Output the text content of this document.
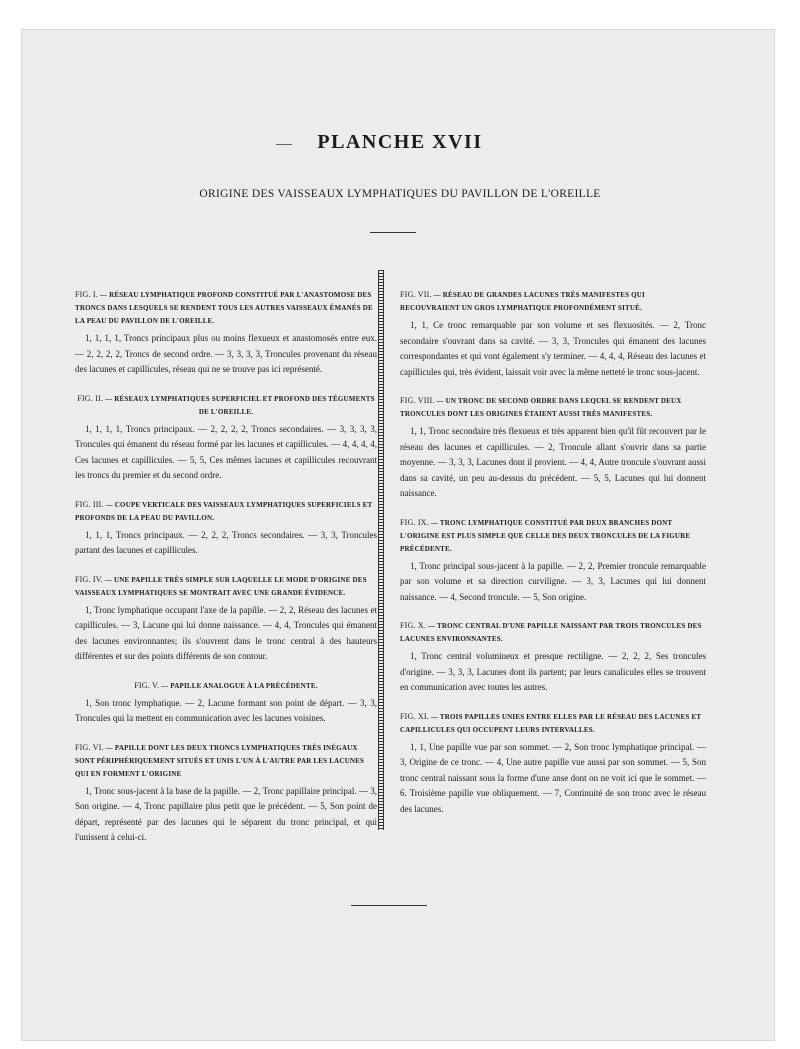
PLANCHE XVII
ORIGINE DES VAISSEAUX LYMPHATIQUES DU PAVILLON DE L'OREILLE
FIG. I. — RÉSEAU LYMPHATIQUE PROFOND CONSTITUÉ PAR L'ANASTOMOSE DES TRONCS DANS LESQUELS SE RENDENT TOUS LES AUTRES VAISSEAUX ÉMANÉS DE LA PEAU DU PAVILLON DE L'OREILLE.
1, 1, 1, 1, Troncs principaux plus ou moins flexueux et anastomosés entre eux. — 2, 2, 2, 2, Troncs de second ordre. — 3, 3, 3, 3, Troncules provenant du réseau des lacunes et capillicules, réseau qui ne se trouve pas ici représenté.
FIG. II. — RÉSEAUX LYMPHATIQUES SUPERFICIEL ET PROFOND DES TÉGUMENTS DE L'OREILLE.
1, 1, 1, 1, Troncs principaux. — 2, 2, 2, 2, Troncs secondaires. — 3, 3, 3, 3, Troncules qui émanent du réseau formé par les lacunes et capillicules. — 4, 4, 4, 4, Ces lacunes et capillicules. — 5, 5, Ces mêmes lacunes et capillicules recouvrant les troncs du premier et du second ordre.
FIG. III. — COUPE VERTICALE DES VAISSEAUX LYMPHATIQUES SUPERFICIELS ET PROFONDS DE LA PEAU DU PAVILLON.
1, 1, 1, Troncs principaux. — 2, 2, 2, Troncs secondaires. — 3, 3, Troncules partant des lacunes et capillicules.
FIG. IV. — UNE PAPILLE TRÈS SIMPLE SUR LAQUELLE LE MODE D'ORIGINE DES VAISSEAUX LYMPHATIQUES SE MONTRAIT AVEC UNE GRANDE ÉVIDENCE.
1, Tronc lymphatique occupant l'axe de la papille. — 2, 2, Réseau des lacunes et capillicules. — 3, Lacune qui lui donne naissance. — 4, 4, Troncules qui émanent des lacunes environnantes; ils s'ouvrent dans le tronc central à des hauteurs différentes et sur des points différents de son contour.
FIG. V. — PAPILLE ANALOGUE À LA PRÉCÉDENTE.
1, Son tronc lymphatique. — 2, Lacune formant son point de départ. — 3, 3, Troncules qui la mettent en communication avec les lacunes voisines.
FIG. VI. — PAPILLE DONT LES DEUX TRONCS LYMPHATIQUES TRÈS INÉGAUX SONT PÉRIPHÉRIQUEMENT SITUÉS ET UNIS L'UN À L'AUTRE PAR LES LACUNES QUI EN FORMENT L'ORIGINE
1, Tronc sous-jacent à la base de la papille. — 2, Tronc papillaire principal. — 3, Son origine. — 4, Tronc papillaire plus petit que le précédent. — 5, Son point de départ, représenté par des lacunes qui le séparent du tronc principal, et qui l'unissent à celui-ci.
FIG. VII. — RÉSEAU DE GRANDES LACUNES TRÈS MANIFESTES QUI RECOUVRAIENT UN GROS LYMPHATIQUE PROFONDÉMENT SITUÉ.
1, 1, Ce tronc remarquable par son volume et ses flexuosités. — 2, Tronc secondaire s'ouvrant dans sa cavité. — 3, 3, Troncules qui émanent des lacunes correspondantes et qui vont également s'y terminer. — 4, 4, 4, Réseau des lacunes et capillicules qui, très évident, laissait voir avec la même netteté le tronc sous-jacent.
FIG. VIII. — UN TRONC DE SECOND ORDRE DANS LEQUEL SE RENDENT DEUX TRONCULES DONT LES ORIGINES ÉTAIENT AUSSI TRÈS MANIFESTES.
1, 1, Tronc secondaire très flexueux et très apparent bien qu'il fût recouvert par le réseau des lacunes et capillicules. — 2, Troncule allant s'ouvrir dans sa partie moyenne. — 3, 3, 3, Lacunes dont il provient. — 4, 4, Autre troncule s'ouvrant aussi dans sa cavité, un peu au-dessus du précédent. — 5, 5, Lacunes qui lui donnent naissance.
FIG. IX. — TRONC LYMPHATIQUE CONSTITUÉ PAR DEUX BRANCHES DONT L'ORIGINE EST PLUS SIMPLE QUE CELLE DES DEUX TRONCULES DE LA FIGURE PRÉCÉDENTE.
1, Tronc principal sous-jacent à la papille. — 2, 2, Premier troncule remarquable par son volume et sa direction curviligne. — 3, 3, Lacunes qui lui donnent naissance. — 4, Second troncule. — 5, Son origine.
FIG. X. — TRONC CENTRAL D'UNE PAPILLE NAISSANT PAR TROIS TRONCULES DES LACUNES ENVIRONNANTES.
1, Tronc central volumineux et presque rectiligne. — 2, 2, 2, Ses troncules d'origine. — 3, 3, 3, Lacunes dont ils partent; par leurs canalicules elles se trouvent en communication avec toutes les autres.
FIG. XI. — TROIS PAPILLES UNIES ENTRE ELLES PAR LE RÉSEAU DES LACUNES ET CAPILLICULES QUI OCCUPENT LEURS INTERVALLES.
1, 1, Une papille vue par son sommet. — 2, Son tronc lymphatique principal. — 3, Origine de ce tronc. — 4, Une autre papille vue aussi par son sommet. — 5, Son tronc central naissant sous la forme d'une anse dont on ne voit ici que le sommet. — 6. Troisième papille vue obliquement. — 7, Continuité de son tronc avec le réseau des lacunes.
